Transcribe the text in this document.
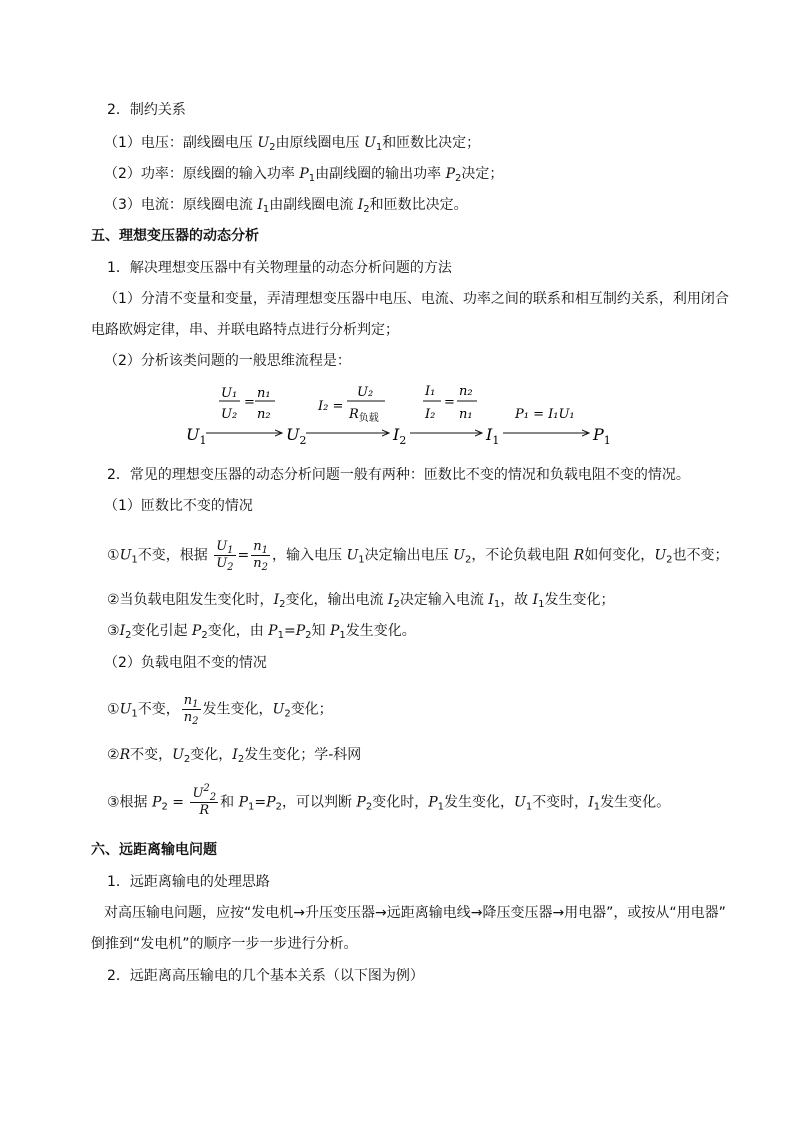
2．制约关系
（1）电压：副线圈电压 $U_2$由原线圈电压 $U_1$和匝数比决定；
（2）功率：原线圈的输入功率 $P_1$由副线圈的输出功率 $P_2$决定；
（3）电流：原线圈电流 $I_1$由副线圈电流 $I_2$和匝数比决定。
五、理想变压器的动态分析
1．解决理想变压器中有关物理量的动态分析问题的方法
（1）分清不变量和变量，弄清理想变压器中电压、电流、功率之间的联系和相互制约关系，利用闭合
电路欧姆定律，串、并联电路特点进行分析判定；
（2）分析该类问题的一般思维流程是：
$U_1$	$U_2$	$I_2$	$I_1$	$P_1$
U₁
U₂
=
n₁
n₂
I₂ =
U₂
$R_{负载}$
I₁
I₂
=
n₂
n₁	P₁ = I₁U₁
2．常见的理想变压器的动态分析问题一般有两种：匝数比不变的情况和负载电阻不变的情况。
（1）匝数比不变的情况
$①U_1$不变，根据 $\frac{U_1}{U_2} = \frac{n_1}{n_2}$ ，输入电压 $U_1$决定输出电压 $U_2$，不论负载电阻 R如何变化，$U_2$也不变；
②当负载电阻发生变化时，$I_2$变化，输出电流 $I_2$决定输入电流 $I_1$，故 $I_1$发生变化；
$③I_2$变化引起 $P_2$变化，由 $P_1=P_2$知 $P_1$发生变化。
（2）负载电阻不变的情况
$①U_1$不变， $\frac{n_1}{n_2}$ 发生变化，$U_2$变化；
②R不变，$U_2$变化，$I_2$发生变化；学-科网
③根据 $P_2 = \frac{U^2_2}{R}$ 和 $P_1=P_2$，可以判断 $P_2$变化时，$P_1$发生变化，$U_1$不变时，$I_1$发生变化。
六、远距离输电问题
1．远距离输电的处理思路
对高压输电问题，应按“发电机→升压变压器→远距离输电线→降压变压器→用电器”，或按从“用电器”
倒推到“发电机”的顺序一步一步进行分析。
2．远距离高压输电的几个基本关系（以下图为例）
